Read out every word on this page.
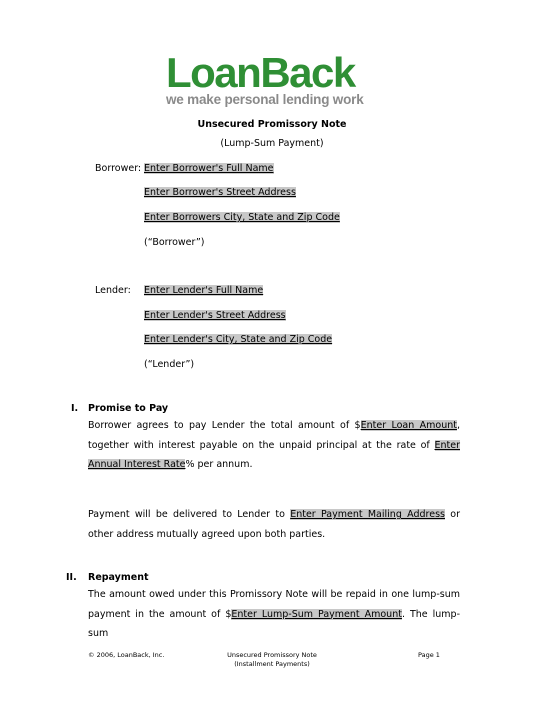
LoanBack
we make personal lending work
Unsecured Promissory Note
(Lump-Sum Payment)
Borrower: Enter Borrower's Full Name
Enter Borrower's Street Address
Enter Borrowers City, State and Zip Code
(“Borrower”)
Lender: Enter Lender's Full Name
Enter Lender's Street Address
Enter Lender's City, State and Zip Code
(“Lender”)
I. Promise to Pay
Borrower agrees to pay Lender the total amount of $Enter Loan Amount, together with interest payable on the unpaid principal at the rate of Enter Annual Interest Rate% per annum.
Payment will be delivered to Lender to Enter Payment Mailing Address or other address mutually agreed upon both parties.
II. Repayment
The amount owed under this Promissory Note will be repaid in one lump-sum payment in the amount of $Enter Lump-Sum Payment Amount. The lump-sum
© 2006, LoanBack, Inc.	Unsecured Promissory Note
(Installment Payments)
Page 1
